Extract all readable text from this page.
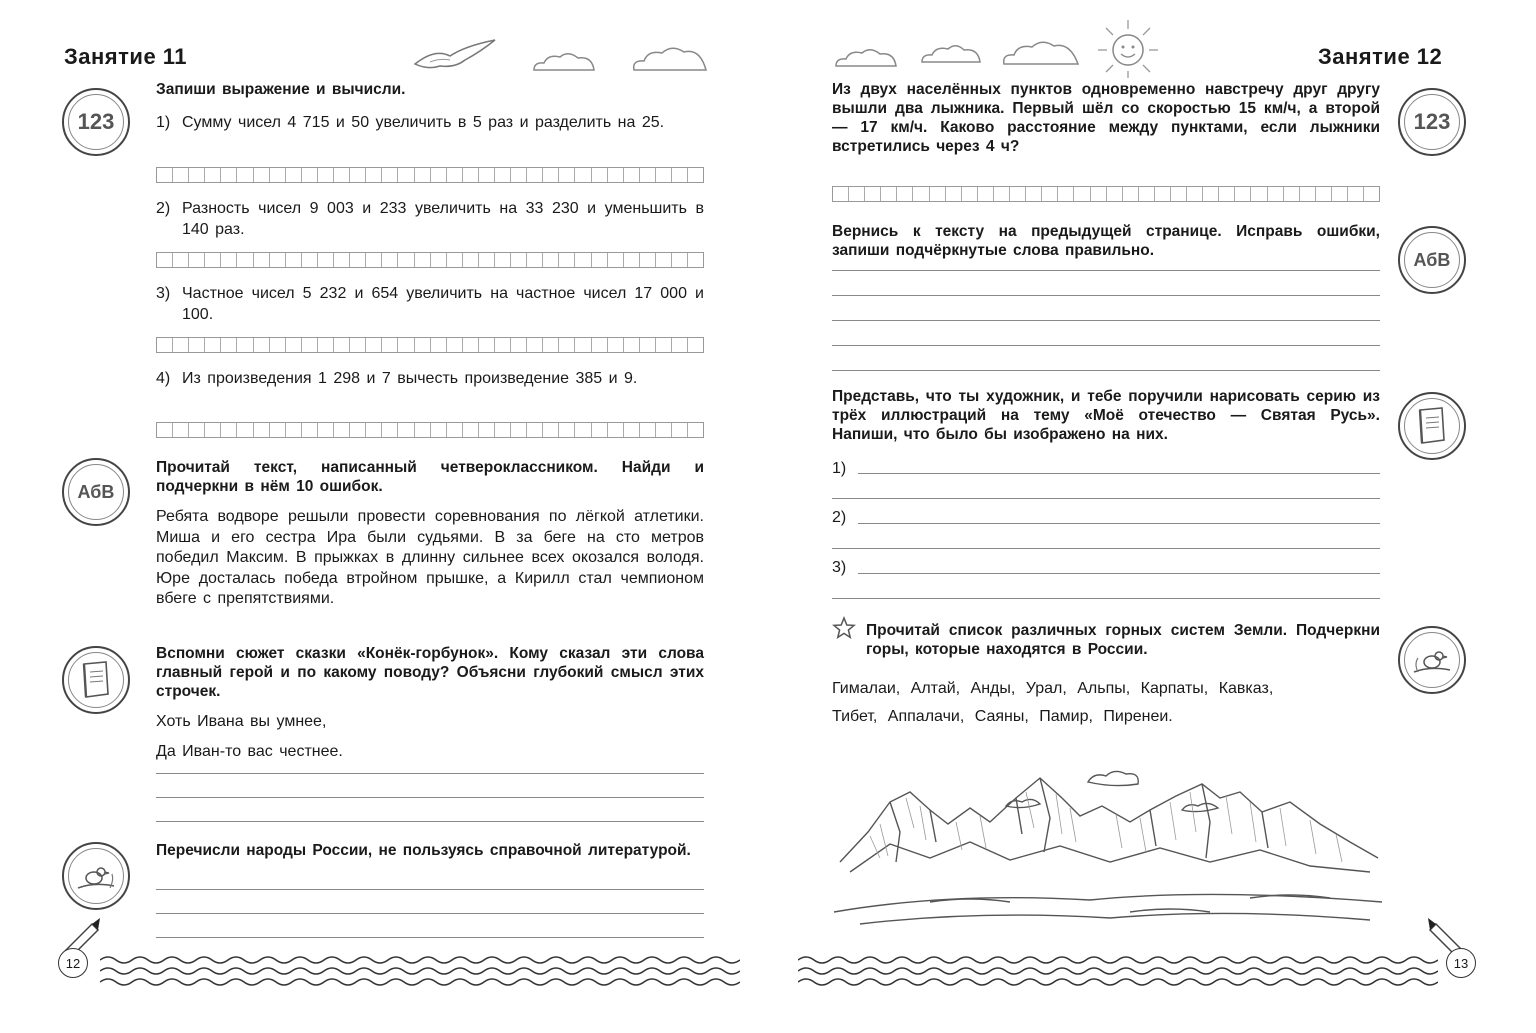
Занятие 11
123
Запиши выражение и вычисли.
1) Сумму чисел 4 715 и 50 увеличить в 5 раз и разделить на 25.
2) Разность чисел 9 003 и 233 увеличить на 33 230 и уменьшить в 140 раз.
3) Частное чисел 5 232 и 654 увеличить на частное чисел 17 000 и 100.
4) Из произведения 1 298 и 7 вычесть произведение 385 и 9.
АбВ
Прочитай текст, написанный четвероклассником. Найди и подчеркни в нём 10 ошибок.
Ребята водворе решыли провести соревнования по лёгкой атлетики. Миша и его сестра Ира были судьями. В за беге на сто метров победил Максим. В прыжках в длинну сильнее всех окозался володя. Юре досталась победа втройном прышке, а Кирилл стал чемпионом вбеге с препятствиями.
Вспомни сюжет сказки «Конёк-горбунок». Кому сказал эти слова главный герой и по какому поводу? Объясни глубокий смысл этих строчек.
Хоть Ивана вы умнее,
Да Иван-то вас честнее.
Перечисли народы России, не пользуясь справочной литературой.
12
Занятие 12
123
Из двух населённых пунктов одновременно навстречу друг другу вышли два лыжника. Первый шёл со скоростью 15 км/ч, а второй — 17 км/ч. Каково расстояние между пунктами, если лыжники встретились через 4 ч?
АбВ
Вернись к тексту на предыдущей странице. Исправь ошибки, запиши подчёркнутые слова правильно.
Представь, что ты художник, и тебе поручили нарисовать серию из трёх иллюстраций на тему «Моё отечество — Святая Русь». Напиши, что было бы изображено на них.
1)
2)
3)
Прочитай список различных горных систем Земли. Подчеркни горы, которые находятся в России.
Гималаи, Алтай, Анды, Урал, Альпы, Карпаты, Кавказ,
Тибет, Аппалачи, Саяны, Памир, Пиренеи.
13
